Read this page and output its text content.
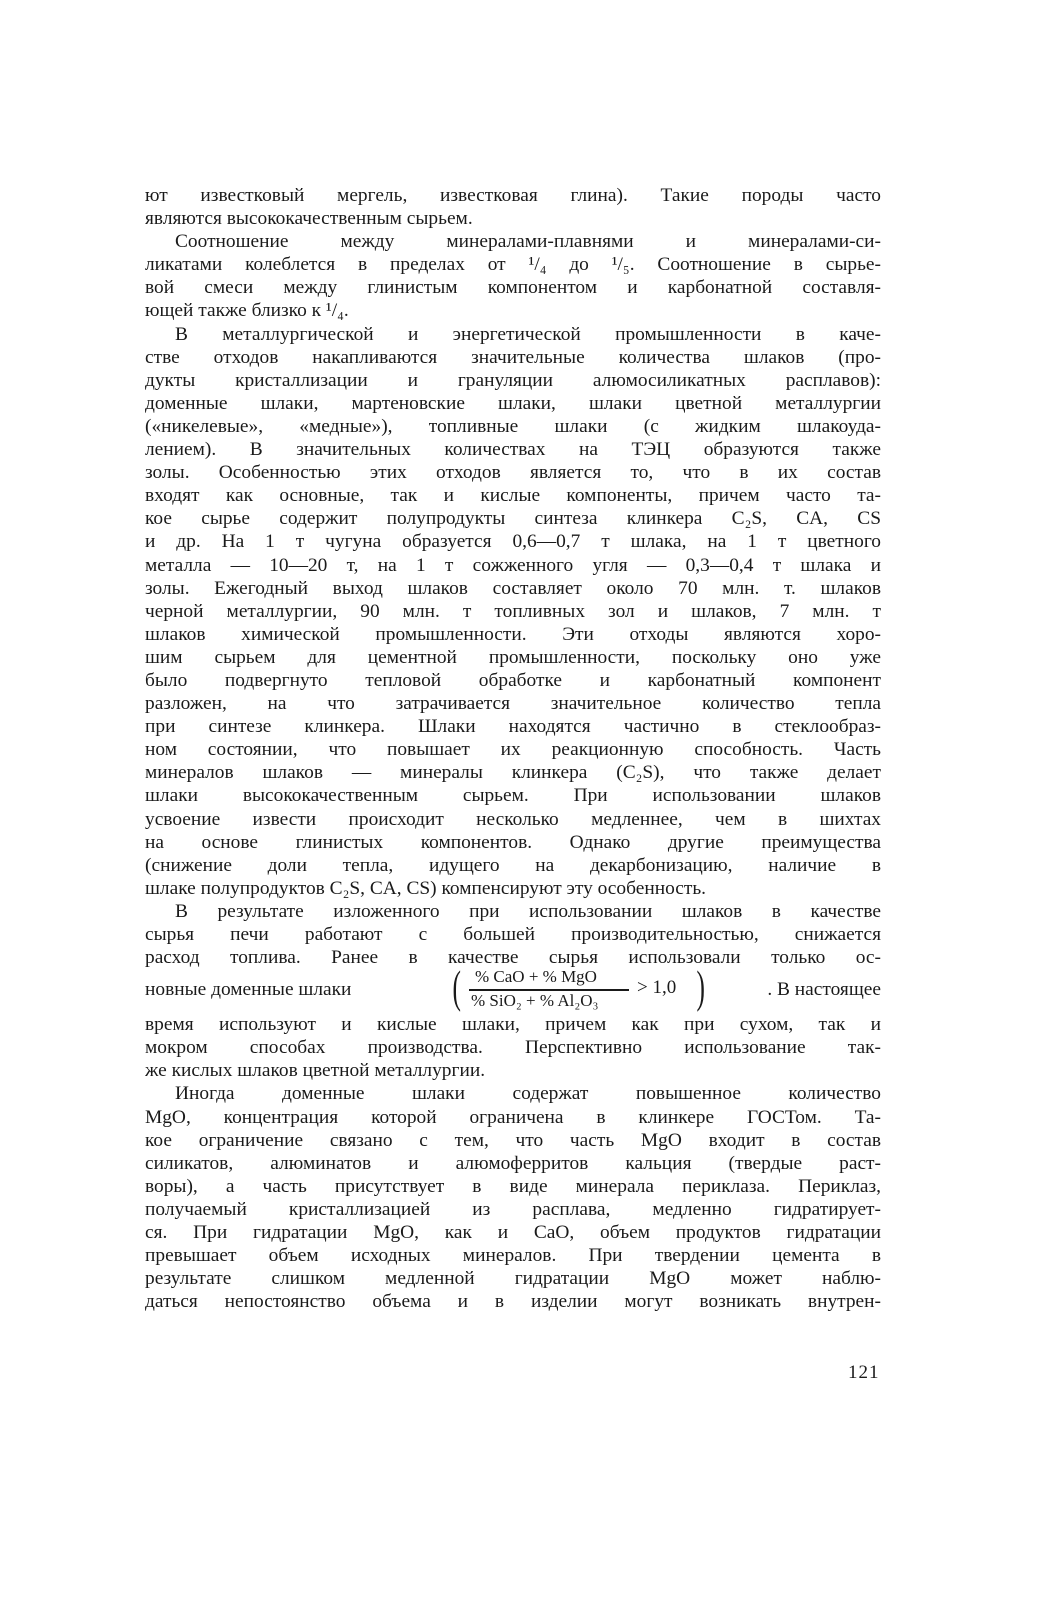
ют известковый мергель, известковая глина). Такие породы часто
являются высококачественным сырьем.
Соотношение между минералами-плавнями и минералами-си-
ликатами колеблется в пределах от ¹/₄ до ¹/₅. Соотношение в сырье-
вой смеси между глинистым компонентом и карбонатной составля-
ющей также близко к ¹/₄.
В металлургической и энергетической промышленности в каче-
стве отходов накапливаются значительные количества шлаков (про-
дукты кристаллизации и грануляции алюмосиликатных расплавов):
доменные шлаки, мартеновские шлаки, шлаки цветной металлургии
(«никелевые», «медные»), топливные шлаки (с жидким шлакоуда-
лением). В значительных количествах на ТЭЦ образуются также
золы. Особенностью этих отходов является то, что в их состав
входят как основные, так и кислые компоненты, причем часто та-
кое сырье содержит полупродукты синтеза клинкера C₂S, CA, CS
и др. На 1 т чугуна образуется 0,6—0,7 т шлака, на 1 т цветного
металла — 10—20 т, на 1 т сожженного угля — 0,3—0,4 т шлака и
золы. Ежегодный выход шлаков составляет около 70 млн. т. шлаков
черной металлургии, 90 млн. т топливных зол и шлаков, 7 млн. т
шлаков химической промышленности. Эти отходы являются хоро-
шим сырьем для цементной промышленности, поскольку оно уже
было подвергнуто тепловой обработке и карбонатный компонент
разложен, на что затрачивается значительное количество тепла
при синтезе клинкера. Шлаки находятся частично в стеклообраз-
ном состоянии, что повышает их реакционную способность. Часть
минералов шлаков — минералы клинкера (C₂S), что также делает
шлаки высококачественным сырьем. При использовании шлаков
усвоение извести происходит несколько медленнее, чем в шихтах
на основе глинистых компонентов. Однако другие преимущества
(снижение доли тепла, идущего на декарбонизацию, наличие в
шлаке полупродуктов C₂S, CA, CS) компенсируют эту особенность.
В результате изложенного при использовании шлаков в качестве
сырья печи работают с большей производительностью, снижается
расход топлива. Ранее в качестве сырья использовали только ос-
новные доменные шлаки ( % CaO + % MgO
% SiO₂ + % Al₂O₃
> 1,0 )	. В настоящее
время используют и кислые шлаки, причем как при сухом, так и
мокром способах производства. Перспективно использование так-
же кислых шлаков цветной металлургии.
Иногда доменные шлаки содержат повышенное количество
MgO, концентрация которой ограничена в клинкере ГОСТом. Та-
кое ограничение связано с тем, что часть MgO входит в состав
силикатов, алюминатов и алюмоферритов кальция (твердые раст-
воры), а часть присутствует в виде минерала периклаза. Периклаз,
получаемый кристаллизацией из расплава, медленно гидратирует-
ся. При гидратации MgO, как и CaO, объем продуктов гидратации
превышает объем исходных минералов. При твердении цемента в
результате слишком медленной гидратации MgO может наблю-
даться непостоянство объема и в изделии могут возникать внутрен-
121
